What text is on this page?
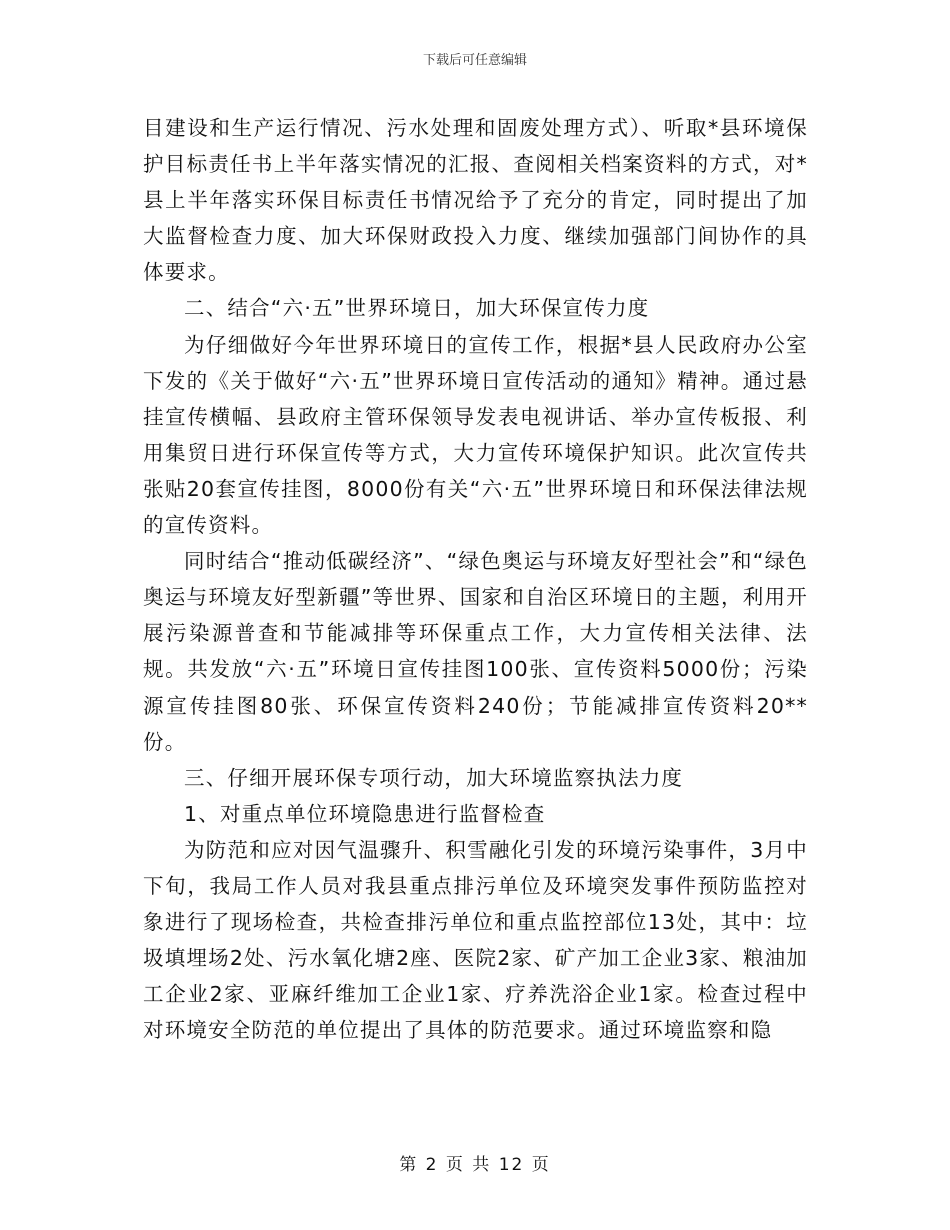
下载后可任意编辑

目建设和生产运行情况、污水处理和固废处理方式）、听取*县环境保护目标责任书上半年落实情况的汇报、查阅相关档案资料的方式，对*县上半年落实环保目标责任书情况给予了充分的肯定，同时提出了加大监督检查力度、加大环保财政投入力度、继续加强部门间协作的具体要求。

二、结合“六·五”世界环境日，加大环保宣传力度

为仔细做好今年世界环境日的宣传工作，根据*县人民政府办公室下发的《关于做好“六·五”世界环境日宣传活动的通知》精神。通过悬挂宣传横幅、县政府主管环保领导发表电视讲话、举办宣传板报、利用集贸日进行环保宣传等方式，大力宣传环境保护知识。此次宣传共张贴20套宣传挂图，8000份有关“六·五”世界环境日和环保法律法规的宣传资料。

同时结合“推动低碳经济”、“绿色奥运与环境友好型社会”和“绿色奥运与环境友好型新疆”等世界、国家和自治区环境日的主题，利用开展污染源普查和节能减排等环保重点工作，大力宣传相关法律、法规。共发放“六·五”环境日宣传挂图100张、宣传资料5000份；污染源宣传挂图80张、环保宣传资料240份；节能减排宣传资料20**份。

三、仔细开展环保专项行动，加大环境监察执法力度

1、对重点单位环境隐患进行监督检查

为防范和应对因气温骤升、积雪融化引发的环境污染事件，3月中下旬，我局工作人员对我县重点排污单位及环境突发事件预防监控对象进行了现场检查，共检查排污单位和重点监控部位13处，其中：垃圾填埋场2处、污水氧化塘2座、医院2家、矿产加工企业3家、粮油加工企业2家、亚麻纤维加工企业1家、疗养洗浴企业1家。检查过程中对环境安全防范的单位提出了具体的防范要求。通过环境监察和隐

第 2 页 共 12 页
